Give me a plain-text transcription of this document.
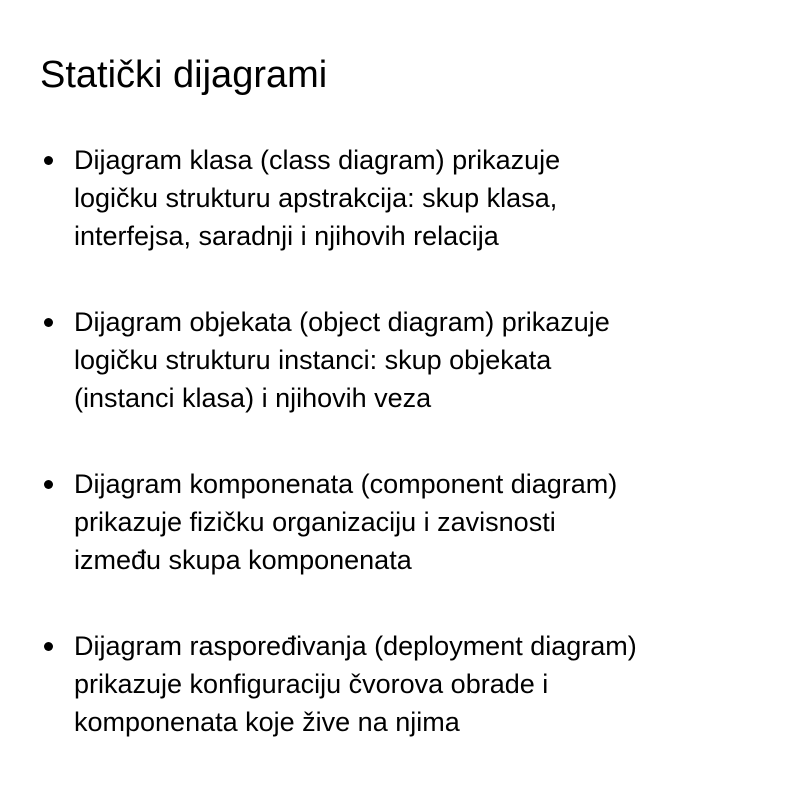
Statički dijagrami
Dijagram klasa (class diagram) prikazuje
logičku strukturu apstrakcija: skup klasa,
interfejsa, saradnji i njihovih relacija
Dijagram objekata (object diagram) prikazuje
logičku strukturu instanci: skup objekata
(instanci klasa) i njihovih veza
Dijagram komponenata (component diagram)
prikazuje fizičku organizaciju i zavisnosti
između skupa komponenata
Dijagram raspoređivanja (deployment diagram)
prikazuje konfiguraciju čvorova obrade i
komponenata koje žive na njima
